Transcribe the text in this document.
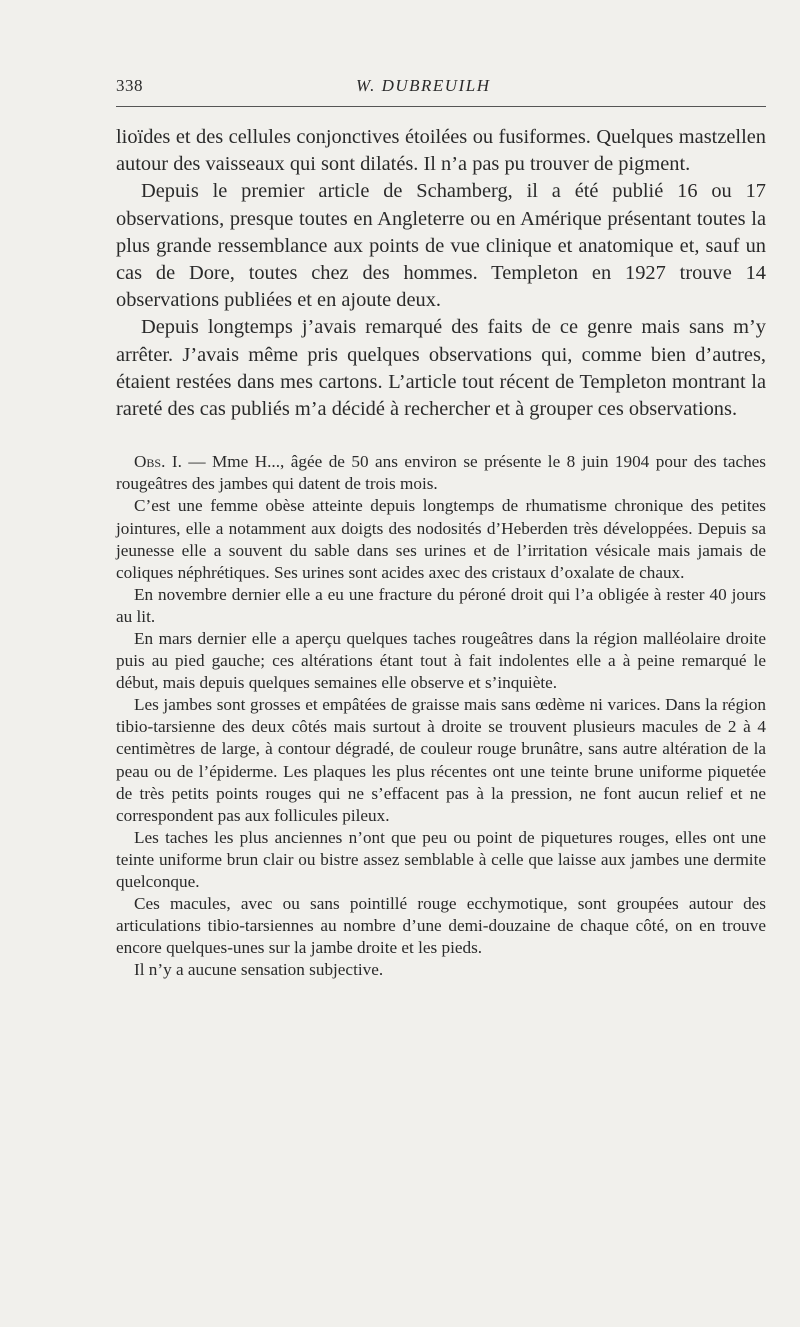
338	W. DUBREUILH

lioïdes et des cellules conjonctives étoilées ou fusiformes. Quelques mastzellen autour des vaisseaux qui sont dilatés. Il n’a pas pu trouver de pigment.

Depuis le premier article de Schamberg, il a été publié 16 ou 17 observations, presque toutes en Angleterre ou en Amérique présentant toutes la plus grande ressemblance aux points de vue clinique et anatomique et, sauf un cas de Dore, toutes chez des hommes. Templeton en 1927 trouve 14 observations publiées et en ajoute deux.

Depuis longtemps j’avais remarqué des faits de ce genre mais sans m’y arrêter. J’avais même pris quelques observations qui, comme bien d’autres, étaient restées dans mes cartons. L’article tout récent de Templeton montrant la rareté des cas publiés m’a décidé à rechercher et à grouper ces observations.

Obs. I. — Mme H..., âgée de 50 ans environ se présente le 8 juin 1904 pour des taches rougeâtres des jambes qui datent de trois mois.

C’est une femme obèse atteinte depuis longtemps de rhumatisme chronique des petites jointures, elle a notamment aux doigts des nodosités d’Heberden très développées. Depuis sa jeunesse elle a souvent du sable dans ses urines et de l’irritation vésicale mais jamais de coliques néphrétiques. Ses urines sont acides axec des cristaux d’oxalate de chaux.

En novembre dernier elle a eu une fracture du péroné droit qui l’a obligée à rester 40 jours au lit.

En mars dernier elle a aperçu quelques taches rougeâtres dans la région malléolaire droite puis au pied gauche; ces altérations étant tout à fait indolentes elle a à peine remarqué le début, mais depuis quelques semaines elle observe et s’inquiète.

Les jambes sont grosses et empâtées de graisse mais sans œdème ni varices. Dans la région tibio-tarsienne des deux côtés mais surtout à droite se trouvent plusieurs macules de 2 à 4 centimètres de large, à contour dégradé, de couleur rouge brunâtre, sans autre altération de la peau ou de l’épiderme. Les plaques les plus récentes ont une teinte brune uniforme piquetée de très petits points rouges qui ne s’effacent pas à la pression, ne font aucun relief et ne correspondent pas aux follicules pileux.

Les taches les plus anciennes n’ont que peu ou point de piquetures rouges, elles ont une teinte uniforme brun clair ou bistre assez semblable à celle que laisse aux jambes une dermite quelconque.

Ces macules, avec ou sans pointillé rouge ecchymotique, sont groupées autour des articulations tibio-tarsiennes au nombre d’une demi-douzaine de chaque côté, on en trouve encore quelques-unes sur la jambe droite et les pieds.

Il n’y a aucune sensation subjective.
